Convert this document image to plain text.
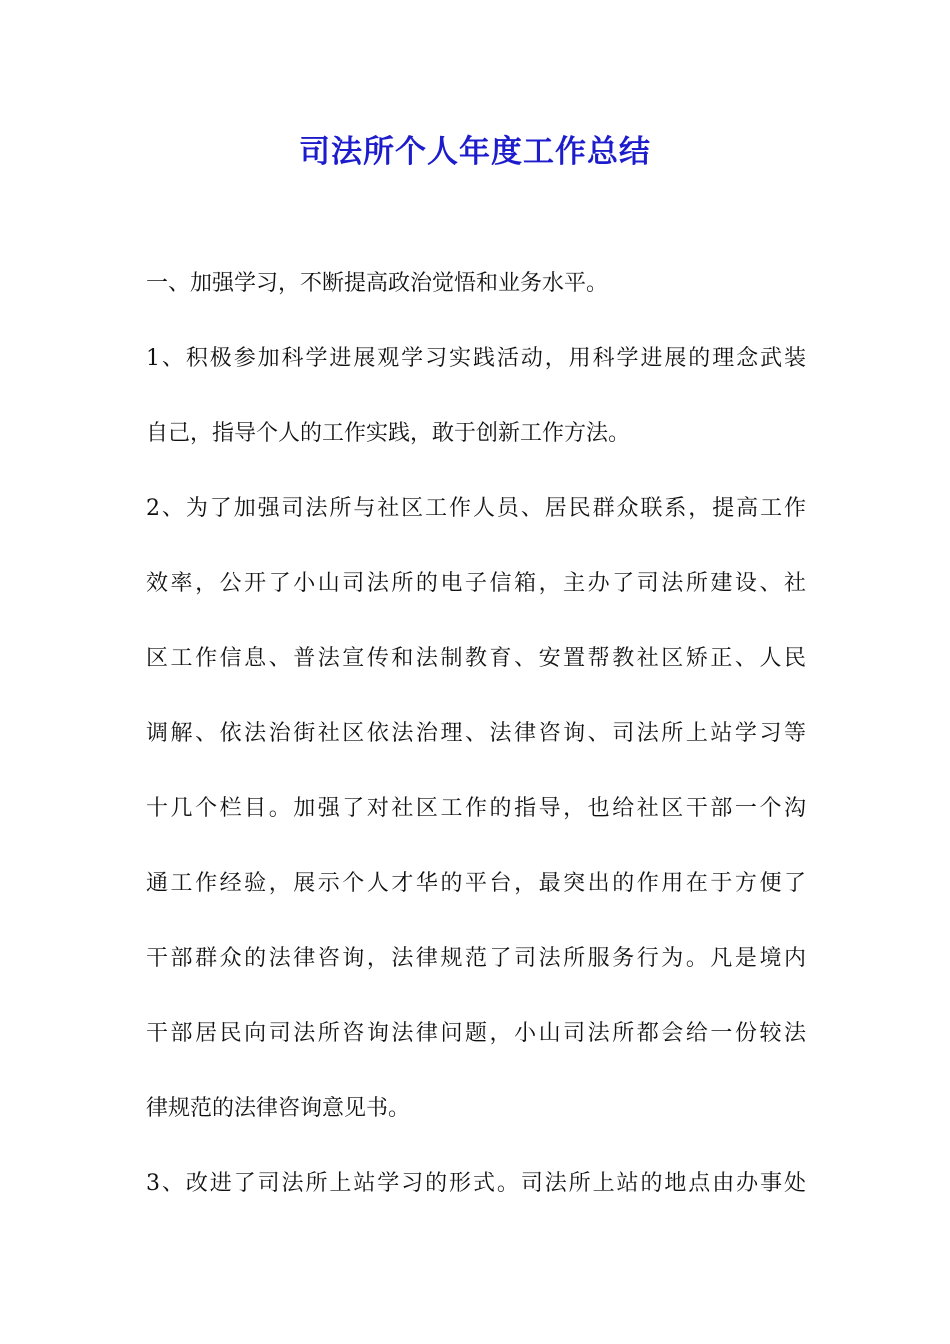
司法所个人年度工作总结
一、加强学习，不断提高政治觉悟和业务水平。
1、积极参加科学进展观学习实践活动，用科学进展的理念武装
自己，指导个人的工作实践，敢于创新工作方法。
2、为了加强司法所与社区工作人员、居民群众联系，提高工作
效率，公开了小山司法所的电子信箱，主办了司法所建设、社
区工作信息、普法宣传和法制教育、安置帮教社区矫正、人民
调解、依法治街社区依法治理、法律咨询、司法所上站学习等
十几个栏目。加强了对社区工作的指导，也给社区干部一个沟
通工作经验，展示个人才华的平台，最突出的作用在于方便了
干部群众的法律咨询，法律规范了司法所服务行为。凡是境内
干部居民向司法所咨询法律问题，小山司法所都会给一份较法
律规范的法律咨询意见书。
3、改进了司法所上站学习的形式。司法所上站的地点由办事处
